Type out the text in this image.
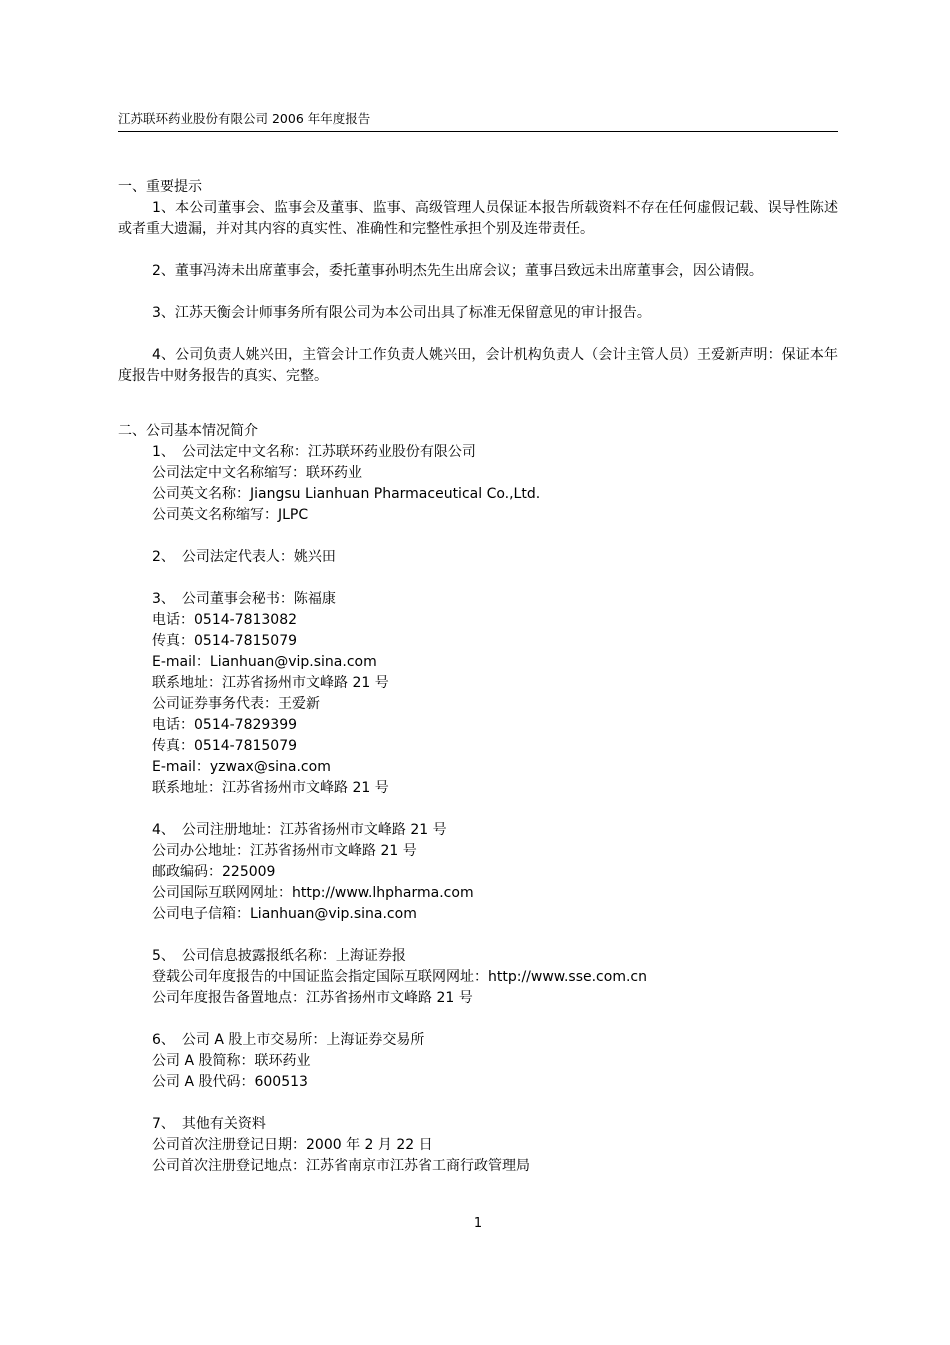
江苏联环药业股份有限公司 2006 年年度报告

一、重要提示

1、本公司董事会、监事会及董事、监事、高级管理人员保证本报告所载资料不存在任何虚假记载、误导性陈述或者重大遗漏，并对其内容的真实性、准确性和完整性承担个别及连带责任。

2、董事冯涛未出席董事会，委托董事孙明杰先生出席会议；董事吕致远未出席董事会，因公请假。

3、江苏天衡会计师事务所有限公司为本公司出具了标准无保留意见的审计报告。

4、公司负责人姚兴田，主管会计工作负责人姚兴田，会计机构负责人（会计主管人员）王爱新声明：保证本年度报告中财务报告的真实、完整。

二、公司基本情况简介

1、　公司法定中文名称：江苏联环药业股份有限公司
公司法定中文名称缩写：联环药业
公司英文名称：Jiangsu Lianhuan Pharmaceutical Co.,Ltd.
公司英文名称缩写：JLPC
2、　公司法定代表人：姚兴田
3、　公司董事会秘书：陈福康
电话：0514-7813082
传真：0514-7815079
E-mail：Lianhuan@vip.sina.com
联系地址：江苏省扬州市文峰路 21 号
公司证券事务代表：王爱新
电话：0514-7829399
传真：0514-7815079
E-mail：yzwax@sina.com
联系地址：江苏省扬州市文峰路 21 号
4、　公司注册地址：江苏省扬州市文峰路 21 号
公司办公地址：江苏省扬州市文峰路 21 号
邮政编码：225009
公司国际互联网网址：http://www.lhpharma.com
公司电子信箱：Lianhuan@vip.sina.com
5、　公司信息披露报纸名称：上海证券报
登载公司年度报告的中国证监会指定国际互联网网址：http://www.sse.com.cn
公司年度报告备置地点：江苏省扬州市文峰路 21 号
6、　公司 A 股上市交易所：上海证券交易所
公司 A 股简称：联环药业
公司 A 股代码：600513
7、　其他有关资料
公司首次注册登记日期：2000 年 2 月 22 日
公司首次注册登记地点：江苏省南京市江苏省工商行政管理局
1
